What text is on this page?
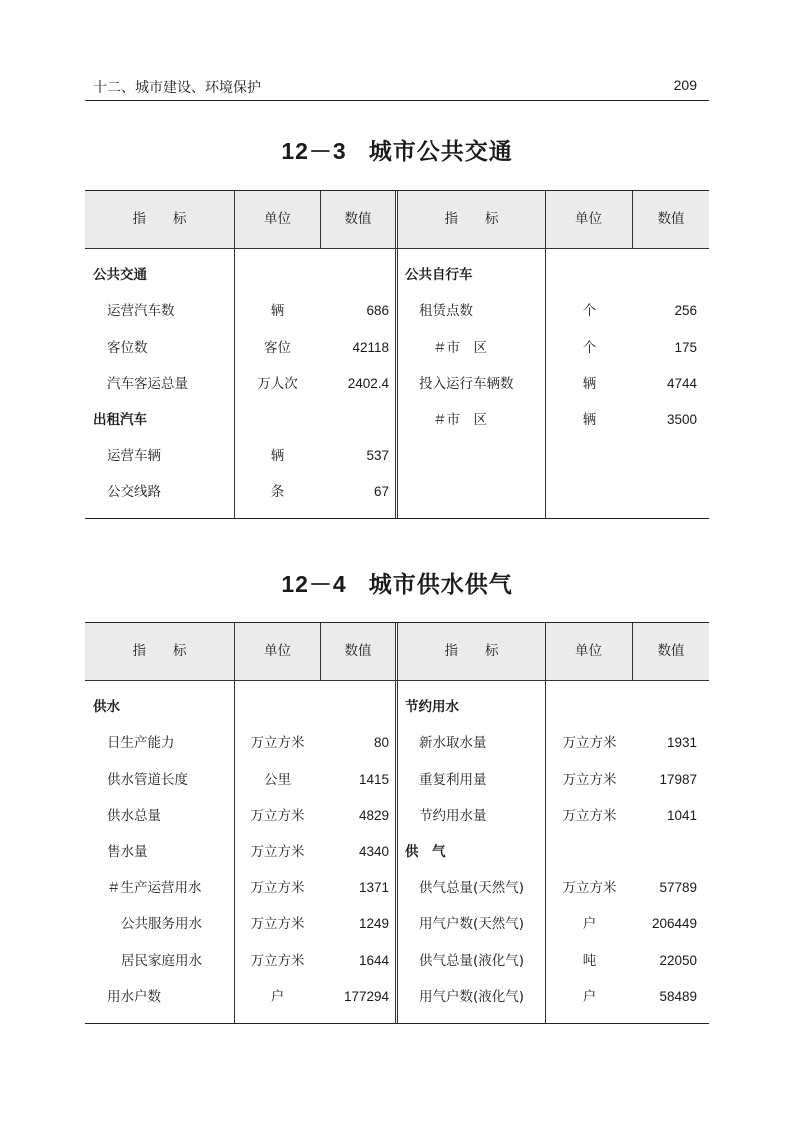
十二、城市建设、环境保护	209
12－3 城市公共交通
指　　标	单位	数值	指　　标	单位	数值
公共交通
运营汽车数	辆	686
客位数	客位	42118
汽车客运总量	万人次	2402.4
出租汽车
运营车辆	辆	537
公交线路	条	67
公共自行车
租赁点数	个	256
＃市　区	个	175
投入运行车辆数	辆	4744
＃市　区	辆	3500
12－4 城市供水供气
指　　标	单位	数值	指　　标	单位	数值
供水
日生产能力	万立方米	80
供水管道长度	公里	1415
供水总量	万立方米	4829
售水量	万立方米	4340
＃生产运营用水	万立方米	1371
公共服务用水	万立方米	1249
居民家庭用水	万立方米	1644
用水户数	户	177294
节约用水
新水取水量	万立方米	1931
重复利用量	万立方米	17987
节约用水量	万立方米	1041
供　气
供气总量(天然气)	万立方米	57789
用气户数(天然气)	户	206449
供气总量(液化气)	吨	22050
用气户数(液化气)	户	58489
